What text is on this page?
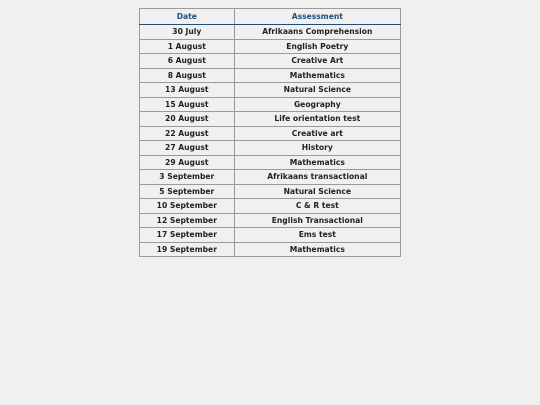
Date	Assessment
30 July	Afrikaans Comprehension
1 August	English Poetry
6 August	Creative Art
8 August	Mathematics
13 August	Natural Science
15 August	Geography
20 August	Life orientation test
22 August	Creative art
27 August	History
29 August	Mathematics
3 September	Afrikaans transactional
5 September	Natural Science
10 September	C & R test
12 September	English Transactional
17 September	Ems test
19 September	Mathematics
